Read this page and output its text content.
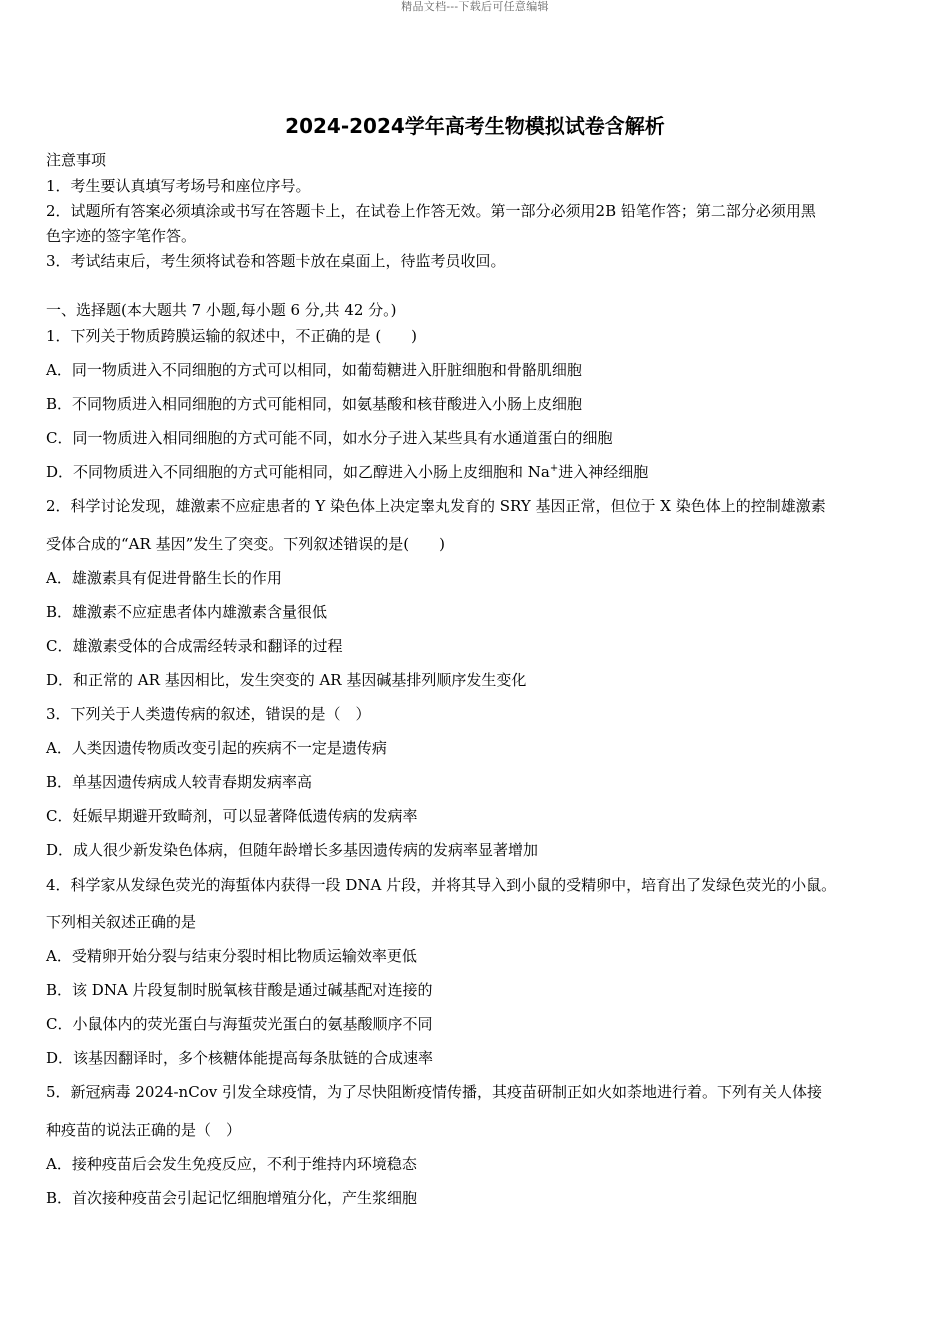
精品文档---下载后可任意编辑
2024-2024学年高考生物模拟试卷含解析
注意事项
1．考生要认真填写考场号和座位序号。
2．试题所有答案必须填涂或书写在答题卡上，在试卷上作答无效。第一部分必须用2B 铅笔作答；第二部分必须用黑
色字迹的签字笔作答。
3．考试结束后，考生须将试卷和答题卡放在桌面上，待监考员收回。
一、选择题(本大题共 7 小题,每小题 6 分,共 42 分。)
1．下列关于物质跨膜运输的叙述中，不正确的是 (　　)
A．同一物质进入不同细胞的方式可以相同，如葡萄糖进入肝脏细胞和骨骼肌细胞
B．不同物质进入相同细胞的方式可能相同，如氨基酸和核苷酸进入小肠上皮细胞
C．同一物质进入相同细胞的方式可能不同，如水分子进入某些具有水通道蛋白的细胞
D．不同物质进入不同细胞的方式可能相同，如乙醇进入小肠上皮细胞和 Na+进入神经细胞
2．科学讨论发现，雄激素不应症患者的 Y 染色体上决定睾丸发育的 SRY 基因正常，但位于 X 染色体上的控制雄激素
受体合成的“AR 基因”发生了突变。下列叙述错误的是(　　)
A．雄激素具有促进骨骼生长的作用
B．雄激素不应症患者体内雄激素含量很低
C．雄激素受体的合成需经转录和翻译的过程
D．和正常的 AR 基因相比，发生突变的 AR 基因碱基排列顺序发生变化
3．下列关于人类遗传病的叙述，错误的是（　）
A．人类因遗传物质改变引起的疾病不一定是遗传病
B．单基因遗传病成人较青春期发病率高
C．妊娠早期避开致畸剂，可以显著降低遗传病的发病率
D．成人很少新发染色体病，但随年龄增长多基因遗传病的发病率显著增加
4．科学家从发绿色荧光的海蜇体内获得一段 DNA 片段，并将其导入到小鼠的受精卵中，培育出了发绿色荧光的小鼠。
下列相关叙述正确的是
A．受精卵开始分裂与结束分裂时相比物质运输效率更低
B．该 DNA 片段复制时脱氧核苷酸是通过碱基配对连接的
C．小鼠体内的荧光蛋白与海蜇荧光蛋白的氨基酸顺序不同
D．该基因翻译时，多个核糖体能提高每条肽链的合成速率
5．新冠病毒 2024-nCov 引发全球疫情，为了尽快阻断疫情传播，其疫苗研制正如火如荼地进行着。下列有关人体接
种疫苗的说法正确的是（　）
A．接种疫苗后会发生免疫反应，不利于维持内环境稳态
B．首次接种疫苗会引起记忆细胞增殖分化，产生浆细胞
